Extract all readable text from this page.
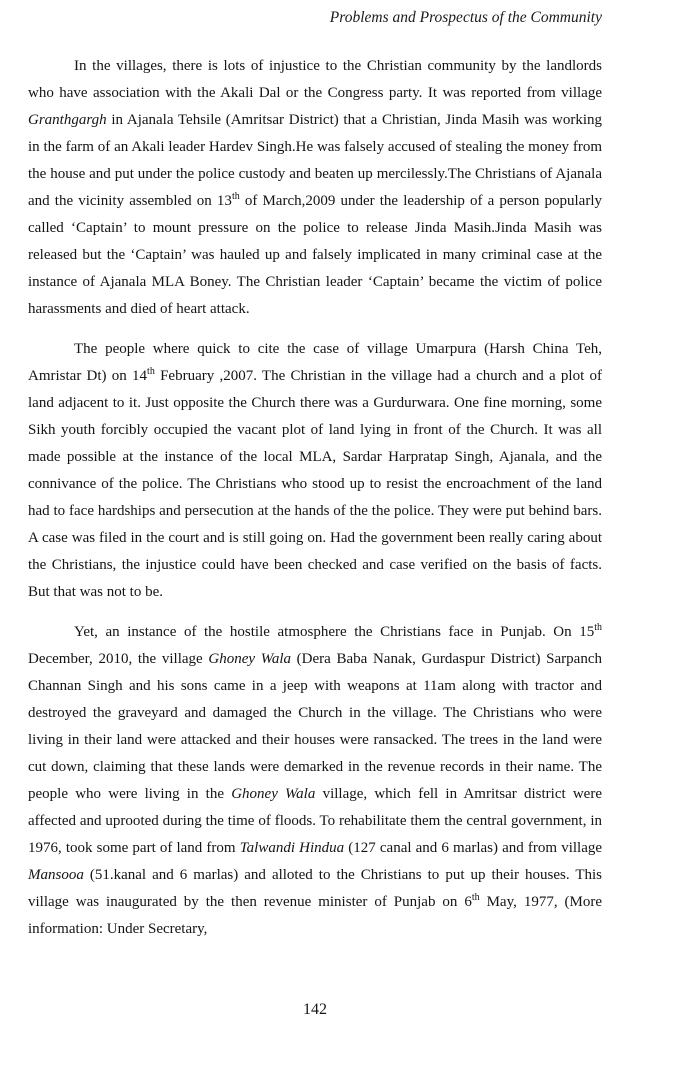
Problems and Prospectus of the Community

In the villages, there is lots of injustice to the Christian community by the landlords who have association with the Akali Dal or the Congress party. It was reported from village Granthgargh in Ajanala Tehsile (Amritsar District) that a Christian, Jinda Masih was working in the farm of an Akali leader Hardev Singh.He was falsely accused of stealing the money from the house and put under the police custody and beaten up mercilessly.The Christians of Ajanala and the vicinity assembled on 13th of March,2009 under the leadership of a person popularly called ‘Captain’ to mount pressure on the police to release Jinda Masih.Jinda Masih was released but the ‘Captain’ was hauled up and falsely implicated in many criminal case at the instance of Ajanala MLA Boney. The Christian leader ‘Captain’ became the victim of police harassments and died of heart attack.

The people where quick to cite the case of village Umarpura (Harsh China Teh, Amristar Dt) on 14th February ,2007. The Christian in the village had a church and a plot of land adjacent to it. Just opposite the Church there was a Gurdurwara. One fine morning, some Sikh youth forcibly occupied the vacant plot of land lying in front of the Church. It was all made possible at the instance of the local MLA, Sardar Harpratap Singh, Ajanala, and the connivance of the police. The Christians who stood up to resist the encroachment of the land had to face hardships and persecution at the hands of the the police. They were put behind bars. A case was filed in the court and is still going on. Had the government been really caring about the Christians, the injustice could have been checked and case verified on the basis of facts. But that was not to be.

Yet, an instance of the hostile atmosphere the Christians face in Punjab. On 15th December, 2010, the village Ghoney Wala (Dera Baba Nanak, Gurdaspur District) Sarpanch Channan Singh and his sons came in a jeep with weapons at 11am along with tractor and destroyed the graveyard and damaged the Church in the village. The Christians who were living in their land were attacked and their houses were ransacked. The trees in the land were cut down, claiming that these lands were demarked in the revenue records in their name. The people who were living in the Ghoney Wala village, which fell in Amritsar district were affected and uprooted during the time of floods. To rehabilitate them the central government, in 1976, took some part of land from Talwandi Hindua (127 canal and 6 marlas) and from village Mansooa (51.kanal and 6 marlas) and alloted to the Christians to put up their houses. This village was inaugurated by the then revenue minister of Punjab on 6th May, 1977, (More information: Under Secretary,

142
